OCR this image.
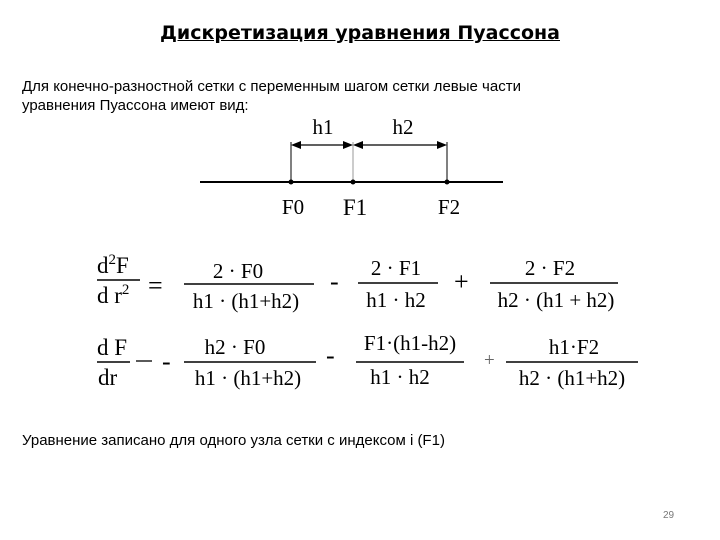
Дискретизация уравнения Пуассона
Для конечно-разностной сетки с переменным шагом сетки левые части
уравнения Пуассона имеют вид:
h1	h2
F0 F1	F2
$d^2F$
d $r^2 = 2 \cdot F0$
h1 · (h1+h2)
- 2 · F1
h1 · h2
+	2 · F2
h2 · (h1 + h2)
d F
dr
- h2 · F0
h1 · (h1+h2)
- F1·(h1-h2)
h1 · h2
+
h1·F2
h2 · (h1+h2)
Уравнение записано для одного узла сетки с индексом i (F1)
29
